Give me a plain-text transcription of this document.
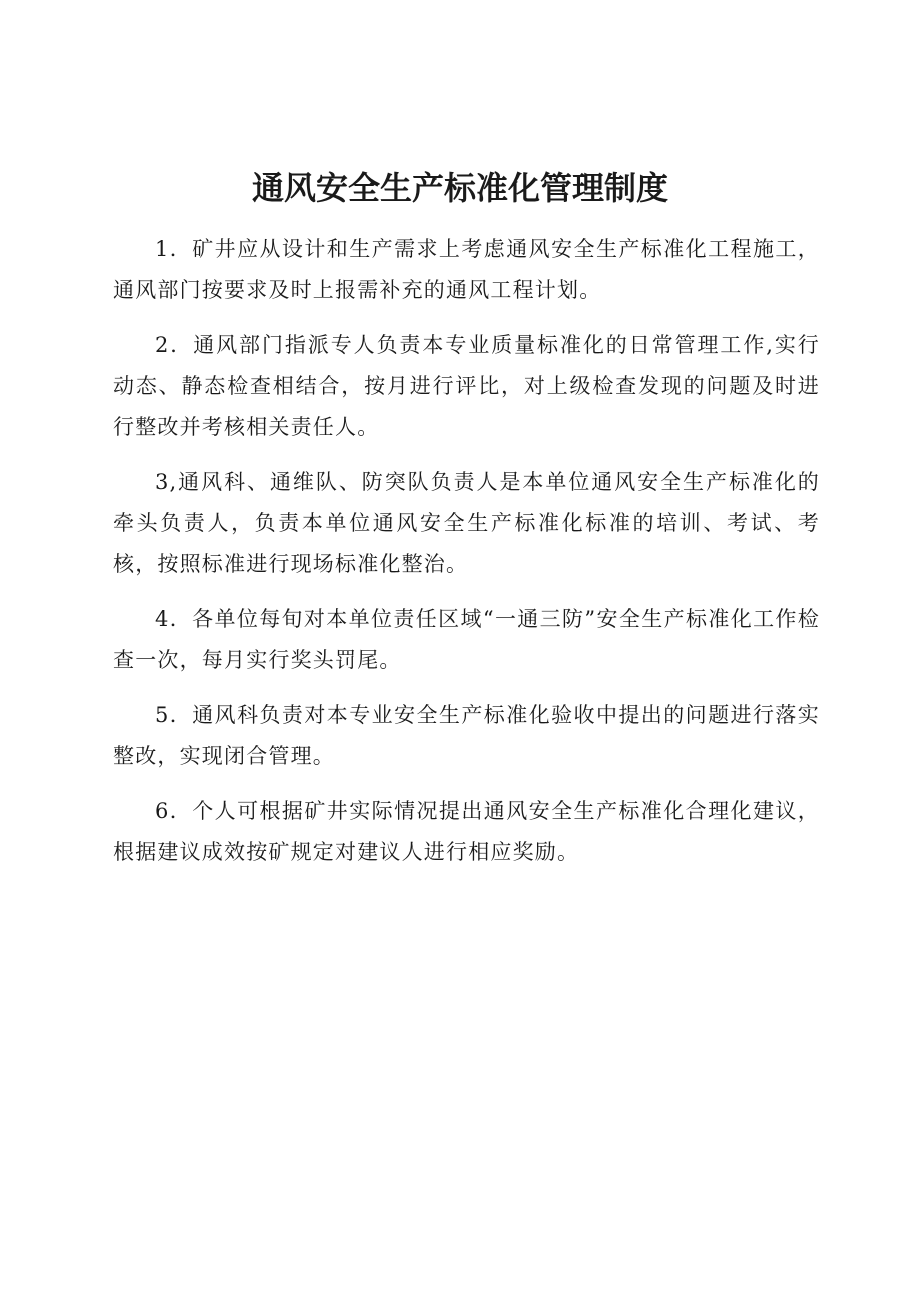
通风安全生产标准化管理制度

1．矿井应从设计和生产需求上考虑通风安全生产标准化工程施工，通风部门按要求及时上报需补充的通风工程计划。

2．通风部门指派专人负责本专业质量标准化的日常管理工作,实行动态、静态检查相结合，按月进行评比，对上级检查发现的问题及时进行整改并考核相关责任人。

3,通风科、通维队、防突队负责人是本单位通风安全生产标准化的牵头负责人，负责本单位通风安全生产标准化标准的培训、考试、考核，按照标准进行现场标准化整治。

4．各单位每旬对本单位责任区域“一通三防”安全生产标准化工作检查一次，每月实行奖头罚尾。

5．通风科负责对本专业安全生产标准化验收中提出的问题进行落实整改，实现闭合管理。

6．个人可根据矿井实际情况提出通风安全生产标准化合理化建议，根据建议成效按矿规定对建议人进行相应奖励。
